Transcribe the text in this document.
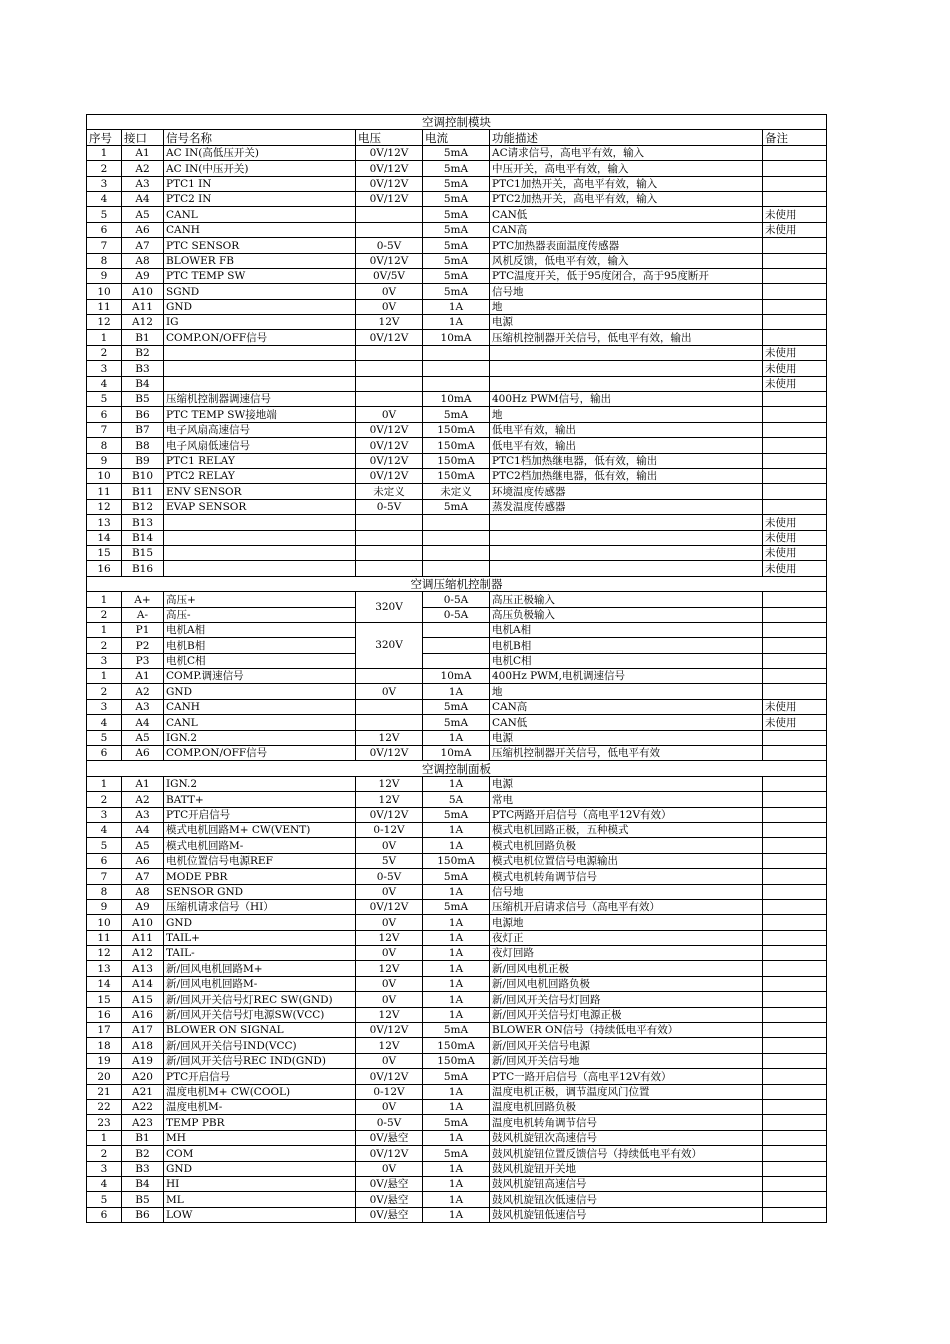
空调控制模块						
序号	接口	信号名称	电压	电流	功能描述	备注
1	A1	AC IN(高低压开关)	0V/12V	5mA	AC请求信号，高电平有效，输入	
2	A2	AC IN(中压开关)	0V/12V	5mA	中压开关，高电平有效，输入	
3	A3	PTC1 IN	0V/12V	5mA	PTC1加热开关，高电平有效，输入	
4	A4	PTC2 IN	0V/12V	5mA	PTC2加热开关，高电平有效，输入	
5	A5	CANL		5mA	CAN低	未使用
6	A6	CANH		5mA	CAN高	未使用
7	A7	PTC SENSOR	0-5V	5mA	PTC加热器表面温度传感器	
8	A8	BLOWER FB	0V/12V	5mA	风机反馈，低电平有效，输入	
9	A9	PTC TEMP SW	0V/5V	5mA	PTC温度开关，低于95度闭合，高于95度断开	
10	A10	SGND	0V	5mA	信号地	
11	A11	GND	0V	1A	地	
12	A12	IG	12V	1A	电源	
1	B1	COMP.ON/OFF信号	0V/12V	10mA	压缩机控制器开关信号，低电平有效，输出	
2	B2					未使用
3	B3					未使用
4	B4					未使用
5	B5	压缩机控制器调速信号		10mA	400Hz PWM信号，输出	
6	B6	PTC TEMP SW接地端	0V	5mA	地	
7	B7	电子风扇高速信号	0V/12V	150mA	低电平有效，输出	
8	B8	电子风扇低速信号	0V/12V	150mA	低电平有效，输出	
9	B9	PTC1 RELAY	0V/12V	150mA	PTC1档加热继电器，低有效，输出	
10	B10	PTC2 RELAY	0V/12V	150mA	PTC2档加热继电器，低有效，输出	
11	B11	ENV SENSOR	未定义	未定义	环境温度传感器	
12	B12	EVAP SENSOR	0-5V	5mA	蒸发温度传感器	
13	B13					未使用
14	B14					未使用
15	B15					未使用
16	B16					未使用
空调压缩机控制器						
1	A+	高压+	320V	0-5A	高压正极输入	
2	A-	高压-		0-5A	高压负极输入	
1	P1	电机A相	320V		电机A相	
2	P2	电机B相			电机B相	
3	P3	电机C相			电机C相	
1	A1	COMP.调速信号		10mA	400Hz PWM,电机调速信号	
2	A2	GND	0V	1A	地	
3	A3	CANH		5mA	CAN高	未使用
4	A4	CANL		5mA	CAN低	未使用
5	A5	IGN.2	12V	1A	电源	
6	A6	COMP.ON/OFF信号	0V/12V	10mA	压缩机控制器开关信号，低电平有效	
空调控制面板						
1	A1	IGN.2	12V	1A	电源	
2	A2	BATT+	12V	5A	常电	
3	A3	PTC开启信号	0V/12V	5mA	PTC两路开启信号（高电平12V有效）	
4	A4	模式电机回路M+ CW(VENT)	0-12V	1A	模式电机回路正极，五种模式	
5	A5	模式电机回路M-	0V	1A	模式电机回路负极	
6	A6	电机位置信号电源REF	5V	150mA	模式电机位置信号电源输出	
7	A7	MODE PBR	0-5V	5mA	模式电机转角调节信号	
8	A8	SENSOR GND	0V	1A	信号地	
9	A9	压缩机请求信号（HI）	0V/12V	5mA	压缩机开启请求信号（高电平有效）	
10	A10	GND	0V	1A	电源地	
11	A11	TAIL+	12V	1A	夜灯正	
12	A12	TAIL-	0V	1A	夜灯回路	
13	A13	新/回风电机回路M+	12V	1A	新/回风电机正极	
14	A14	新/回风电机回路M-	0V	1A	新/回风电机回路负极	
15	A15	新/回风开关信号灯REC SW(GND)	0V	1A	新/回风开关信号灯回路	
16	A16	新/回风开关信号灯电源SW(VCC)	12V	1A	新/回风开关信号灯电源正极	
17	A17	BLOWER ON SIGNAL	0V/12V	5mA	BLOWER ON信号（持续低电平有效）	
18	A18	新/回风开关信号IND(VCC)	12V	150mA	新/回风开关信号电源	
19	A19	新/回风开关信号REC IND(GND)	0V	150mA	新/回风开关信号地	
20	A20	PTC开启信号	0V/12V	5mA	PTC一路开启信号（高电平12V有效）	
21	A21	温度电机M+ CW(COOL)	0-12V	1A	温度电机正极，调节温度风门位置	
22	A22	温度电机M-	0V	1A	温度电机回路负极	
23	A23	TEMP PBR	0-5V	5mA	温度电机转角调节信号	
1	B1	MH	0V/悬空	1A	鼓风机旋钮次高速信号	
2	B2	COM	0V/12V	5mA	鼓风机旋钮位置反馈信号（持续低电平有效）	
3	B3	GND	0V	1A	鼓风机旋钮开关地	
4	B4	HI	0V/悬空	1A	鼓风机旋钮高速信号	
5	B5	ML	0V/悬空	1A	鼓风机旋钮次低速信号	
6	B6	LOW	0V/悬空	1A	鼓风机旋钮低速信号	
